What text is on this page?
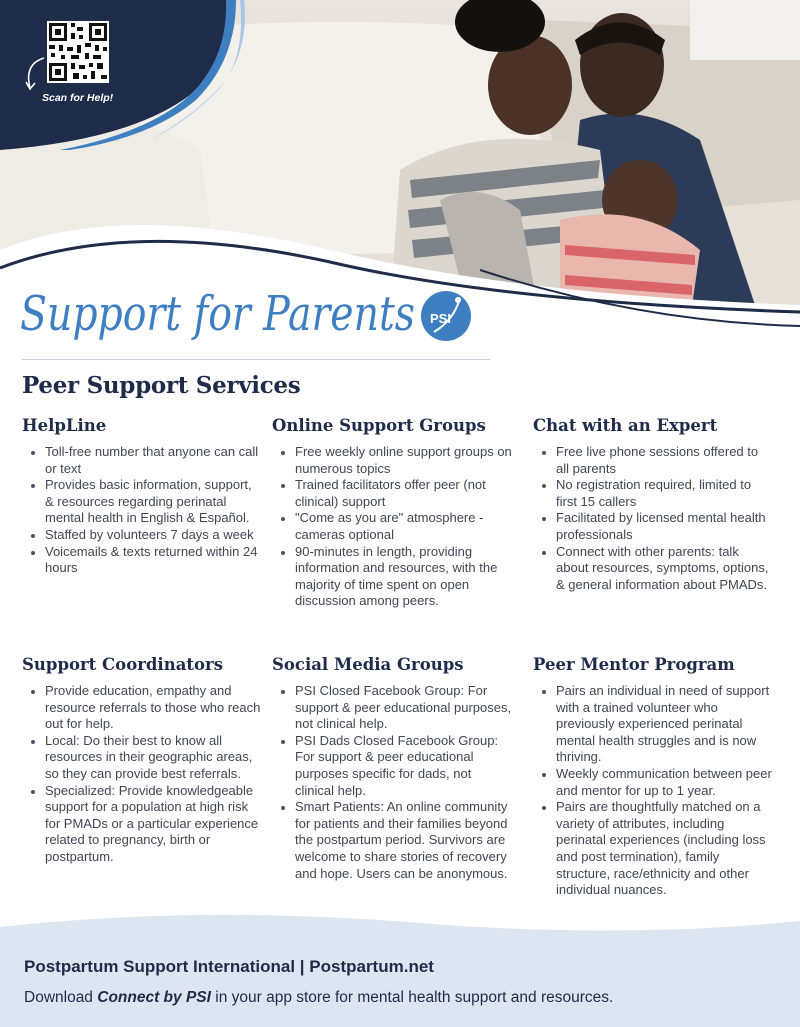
Scan for Help!
Support for Parents PSI
Peer Support Services
HelpLine
Toll-free number that anyone can call or text
Provides basic information, support, & resources regarding perinatal mental health in English & Español.
Staffed by volunteers 7 days a week
Voicemails & texts returned within 24 hours
Online Support Groups
Free weekly online support groups on numerous topics
Trained facilitators offer peer (not clinical) support
"Come as you are" atmosphere - cameras optional
90-minutes in length, providing information and resources, with the majority of time spent on open discussion among peers.
Chat with an Expert
Free live phone sessions offered to all parents
No registration required, limited to first 15 callers
Facilitated by licensed mental health professionals
Connect with other parents: talk about resources, symptoms, options, & general information about PMADs.
Support Coordinators
Provide education, empathy and resource referrals to those who reach out for help.
Local: Do their best to know all resources in their geographic areas, so they can provide best referrals.
Specialized: Provide knowledgeable support for a population at high risk for PMADs or a particular experience related to pregnancy, birth or postpartum.
Social Media Groups
PSI Closed Facebook Group: For support & peer educational purposes, not clinical help.
PSI Dads Closed Facebook Group: For support & peer educational purposes specific for dads, not clinical help.
Smart Patients: An online community for patients and their families beyond the postpartum period. Survivors are welcome to share stories of recovery and hope. Users can be anonymous.
Peer Mentor Program
Pairs an individual in need of support with a trained volunteer who previously experienced perinatal mental health struggles and is now thriving.
Weekly communication between peer and mentor for up to 1 year.
Pairs are thoughtfully matched on a variety of attributes, including perinatal experiences (including loss and post termination), family structure, race/ethnicity and other individual nuances.
Postpartum Support International | Postpartum.net
Download Connect by PSI in your app store for mental health support and resources.
